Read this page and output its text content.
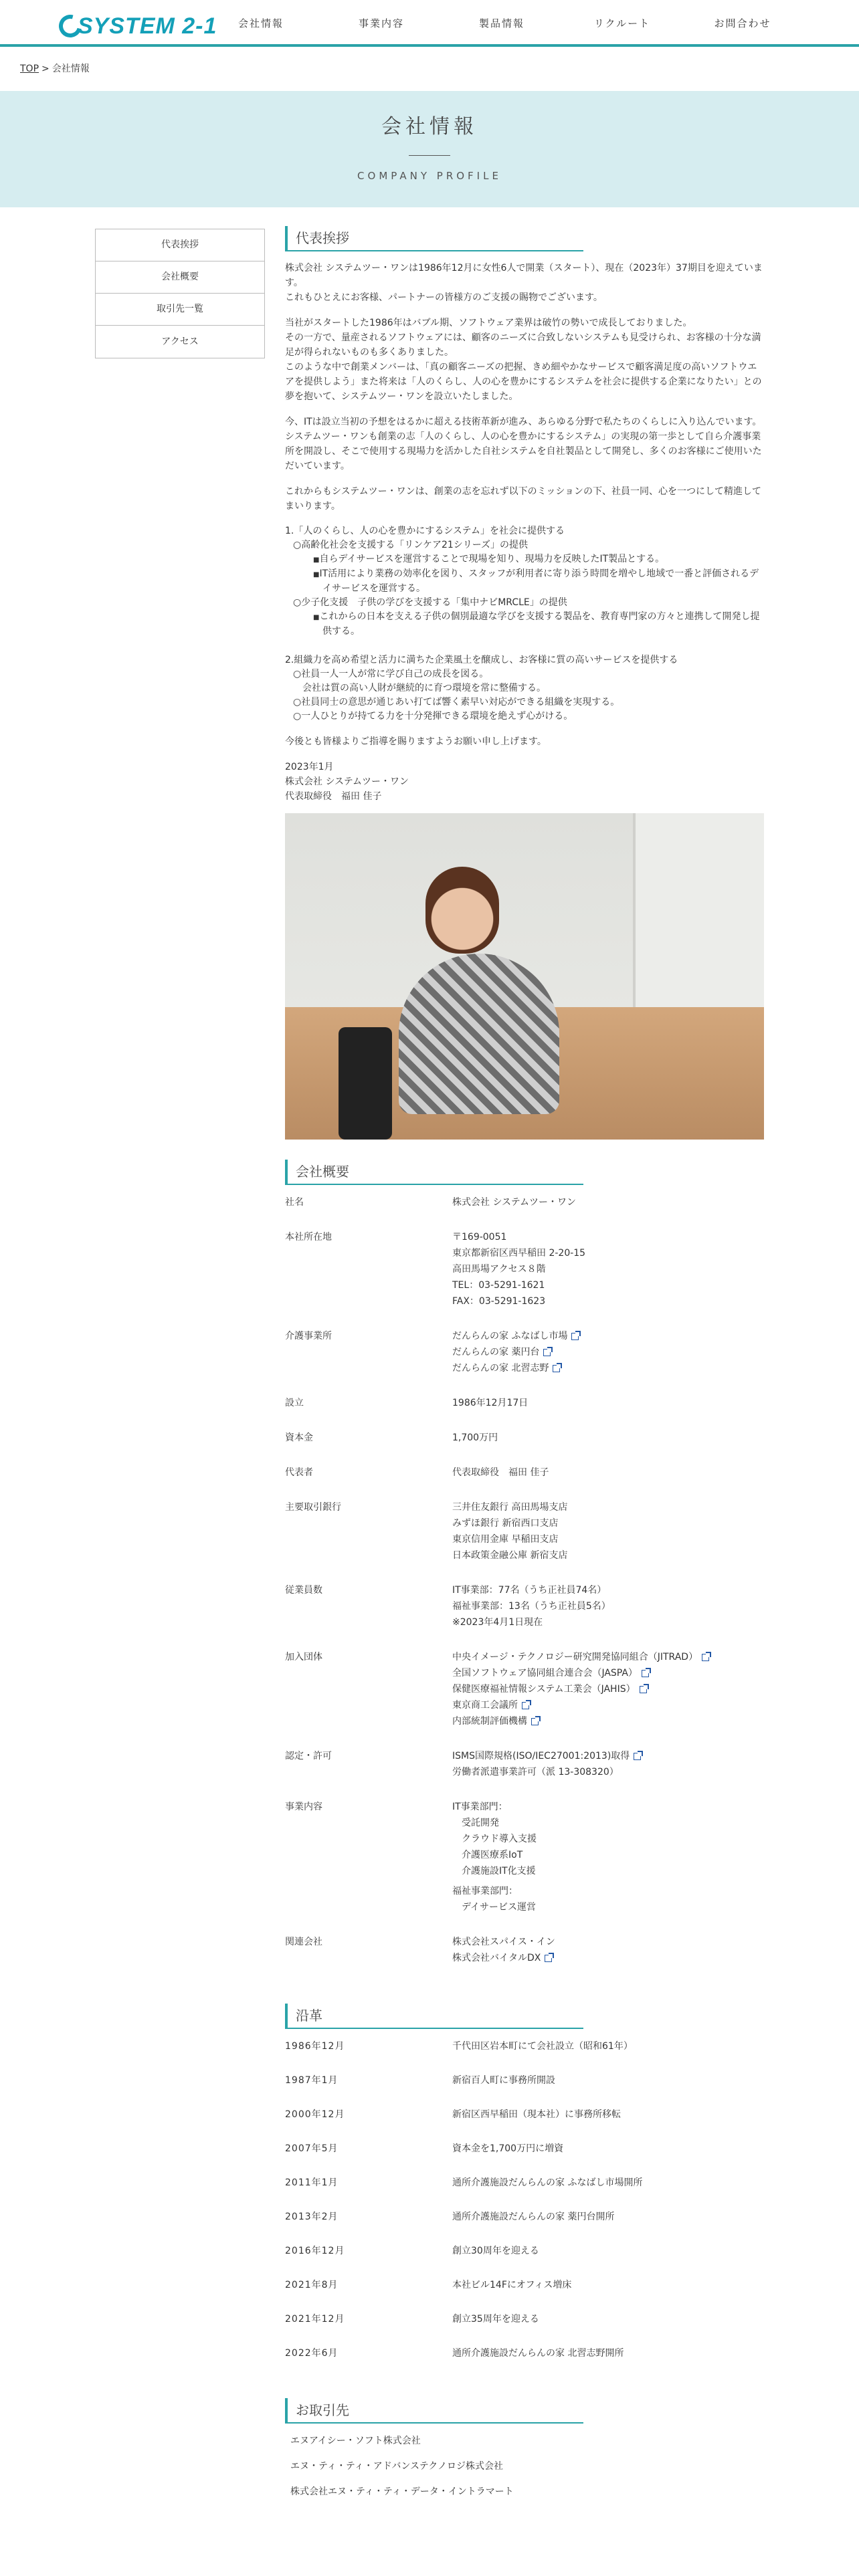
SYSTEM 2-1	会社情報	事業内容	製品情報	リクルート	お問合わせ
TOP > 会社情報
会社情報
COMPANY PROFILE
代表挨拶
会社概要
取引先一覧
アクセス
代表挨拶

株式会社 システムツー・ワンは1986年12月に女性6人で開業（スタート）、現在（2023年）37期目を迎えています。

これもひとえにお客様、パートナーの皆様方のご支援の賜物でございます。

当社がスタートした1986年はバブル期、ソフトウェア業界は破竹の勢いで成長しておりました。

その一方で、量産されるソフトウェアには、顧客のニーズに合致しないシステムも見受けられ、お客様の十分な満足が得られないものも多くありました。

このような中で創業メンバーは、「真の顧客ニーズの把握、きめ細やかなサービスで顧客満足度の高いソフトウエアを提供しよう」また将来は「人のくらし、人の心を豊かにするシステムを社会に提供する企業になりたい」との夢を抱いて、システムツー・ワンを設立いたしました。

今、ITは設立当初の予想をはるかに超える技術革新が進み、あらゆる分野で私たちのくらしに入り込んでいます。

システムツー・ワンも創業の志「人のくらし、人の心を豊かにするシステム」の実現の第一歩として自ら介護事業所を開設し、そこで使用する現場力を活かした自社システムを自社製品として開発し、多くのお客様にご使用いただいています。

これからもシステムツー・ワンは、創業の志を忘れず以下のミッションの下、社員一同、心を一つにして精進してまいります。

1.「人のくらし、人の心を豊かにするシステム」を社会に提供する
○ 高齢化社会を支援する「リンケア21シリーズ」の提供
■ 自らデイサービスを運営することで現場を知り、現場力を反映したIT製品とする。
■ IT活用により業務の効率化を図り、スタッフが利用者に寄り添う時間を増やし地域で一番と評価されるデイサービスを運営する。
○ 少子化支援　子供の学びを支援する「集中ナビMRCLE」の提供
■ これからの日本を支える子供の個別最適な学びを支援する製品を、教育専門家の方々と連携して開発し提供する。
2.組織力を高め希望と活力に満ちた企業風土を醸成し、お客様に質の高いサービスを提供する
○ 社員一人一人が常に学び自己の成長を図る。
会社は質の高い人財が継続的に育つ環境を常に整備する。
○ 社員同士の意思が通じあい打てば響く素早い対応ができる組織を実現する。
○ 一人ひとりが持てる力を十分発揮できる環境を絶えず心がける。

今後とも皆様よりご指導を賜りますようお願い申し上げます。

2023年1月

株式会社 システムツー・ワン

代表取締役　福田 佳子

会社概要
社名	株式会社 システムツー・ワン
本社所在地	〒169-0051
東京都新宿区西早稲田 2-20-15
高田馬場アクセス８階
TEL：03-5291-1621
FAX：03-5291-1623
介護事業所	だんらんの家 ふなばし市場
だんらんの家 薬円台
だんらんの家 北習志野
設立	1986年12月17日
資本金	1,700万円
代表者	代表取締役　福田 佳子
主要取引銀行	三井住友銀行 高田馬場支店
みずほ銀行 新宿西口支店
東京信用金庫 早稲田支店
日本政策金融公庫 新宿支店
従業員数	IT事業部：77名（うち正社員74名）
福祉事業部：13名（うち正社員5名）
※2023年4月1日現在
加入団体	中央イメージ・テクノロジー研究開発協同組合（JITRAD）
全国ソフトウェア協同組合連合会（JASPA）
保健医療福祉情報システム工業会（JAHIS）
東京商工会議所
内部統制評価機構
認定・許可	ISMS国際規格(ISO/IEC27001:2013)取得
労働者派遣事業許可（派 13-308320）
事業内容	IT事業部門：
受託開発
クラウド導入支援
介護医療系IoT
介護施設IT化支援
福祉事業部門：
デイサービス運営
関連会社	株式会社スパイス・イン
株式会社バイタルDX
沿革
1986年12月	千代田区岩本町にて会社設立（昭和61年）
1987年1月	新宿百人町に事務所開設
2000年12月	新宿区西早稲田（現本社）に事務所移転
2007年5月	資本金を1,700万円に増資
2011年1月	通所介護施設だんらんの家 ふなばし市場開所
2013年2月	通所介護施設だんらんの家 薬円台開所
2016年12月	創立30周年を迎える
2021年8月	本社ビル14Fにオフィス増床
2021年12月	創立35周年を迎える
2022年6月	通所介護施設だんらんの家 北習志野開所
お取引先
エヌアイシー・ソフト株式会社
エヌ・ティ・ティ・アドバンステクノロジ株式会社
株式会社エヌ・ティ・ティ・データ・イントラマート
